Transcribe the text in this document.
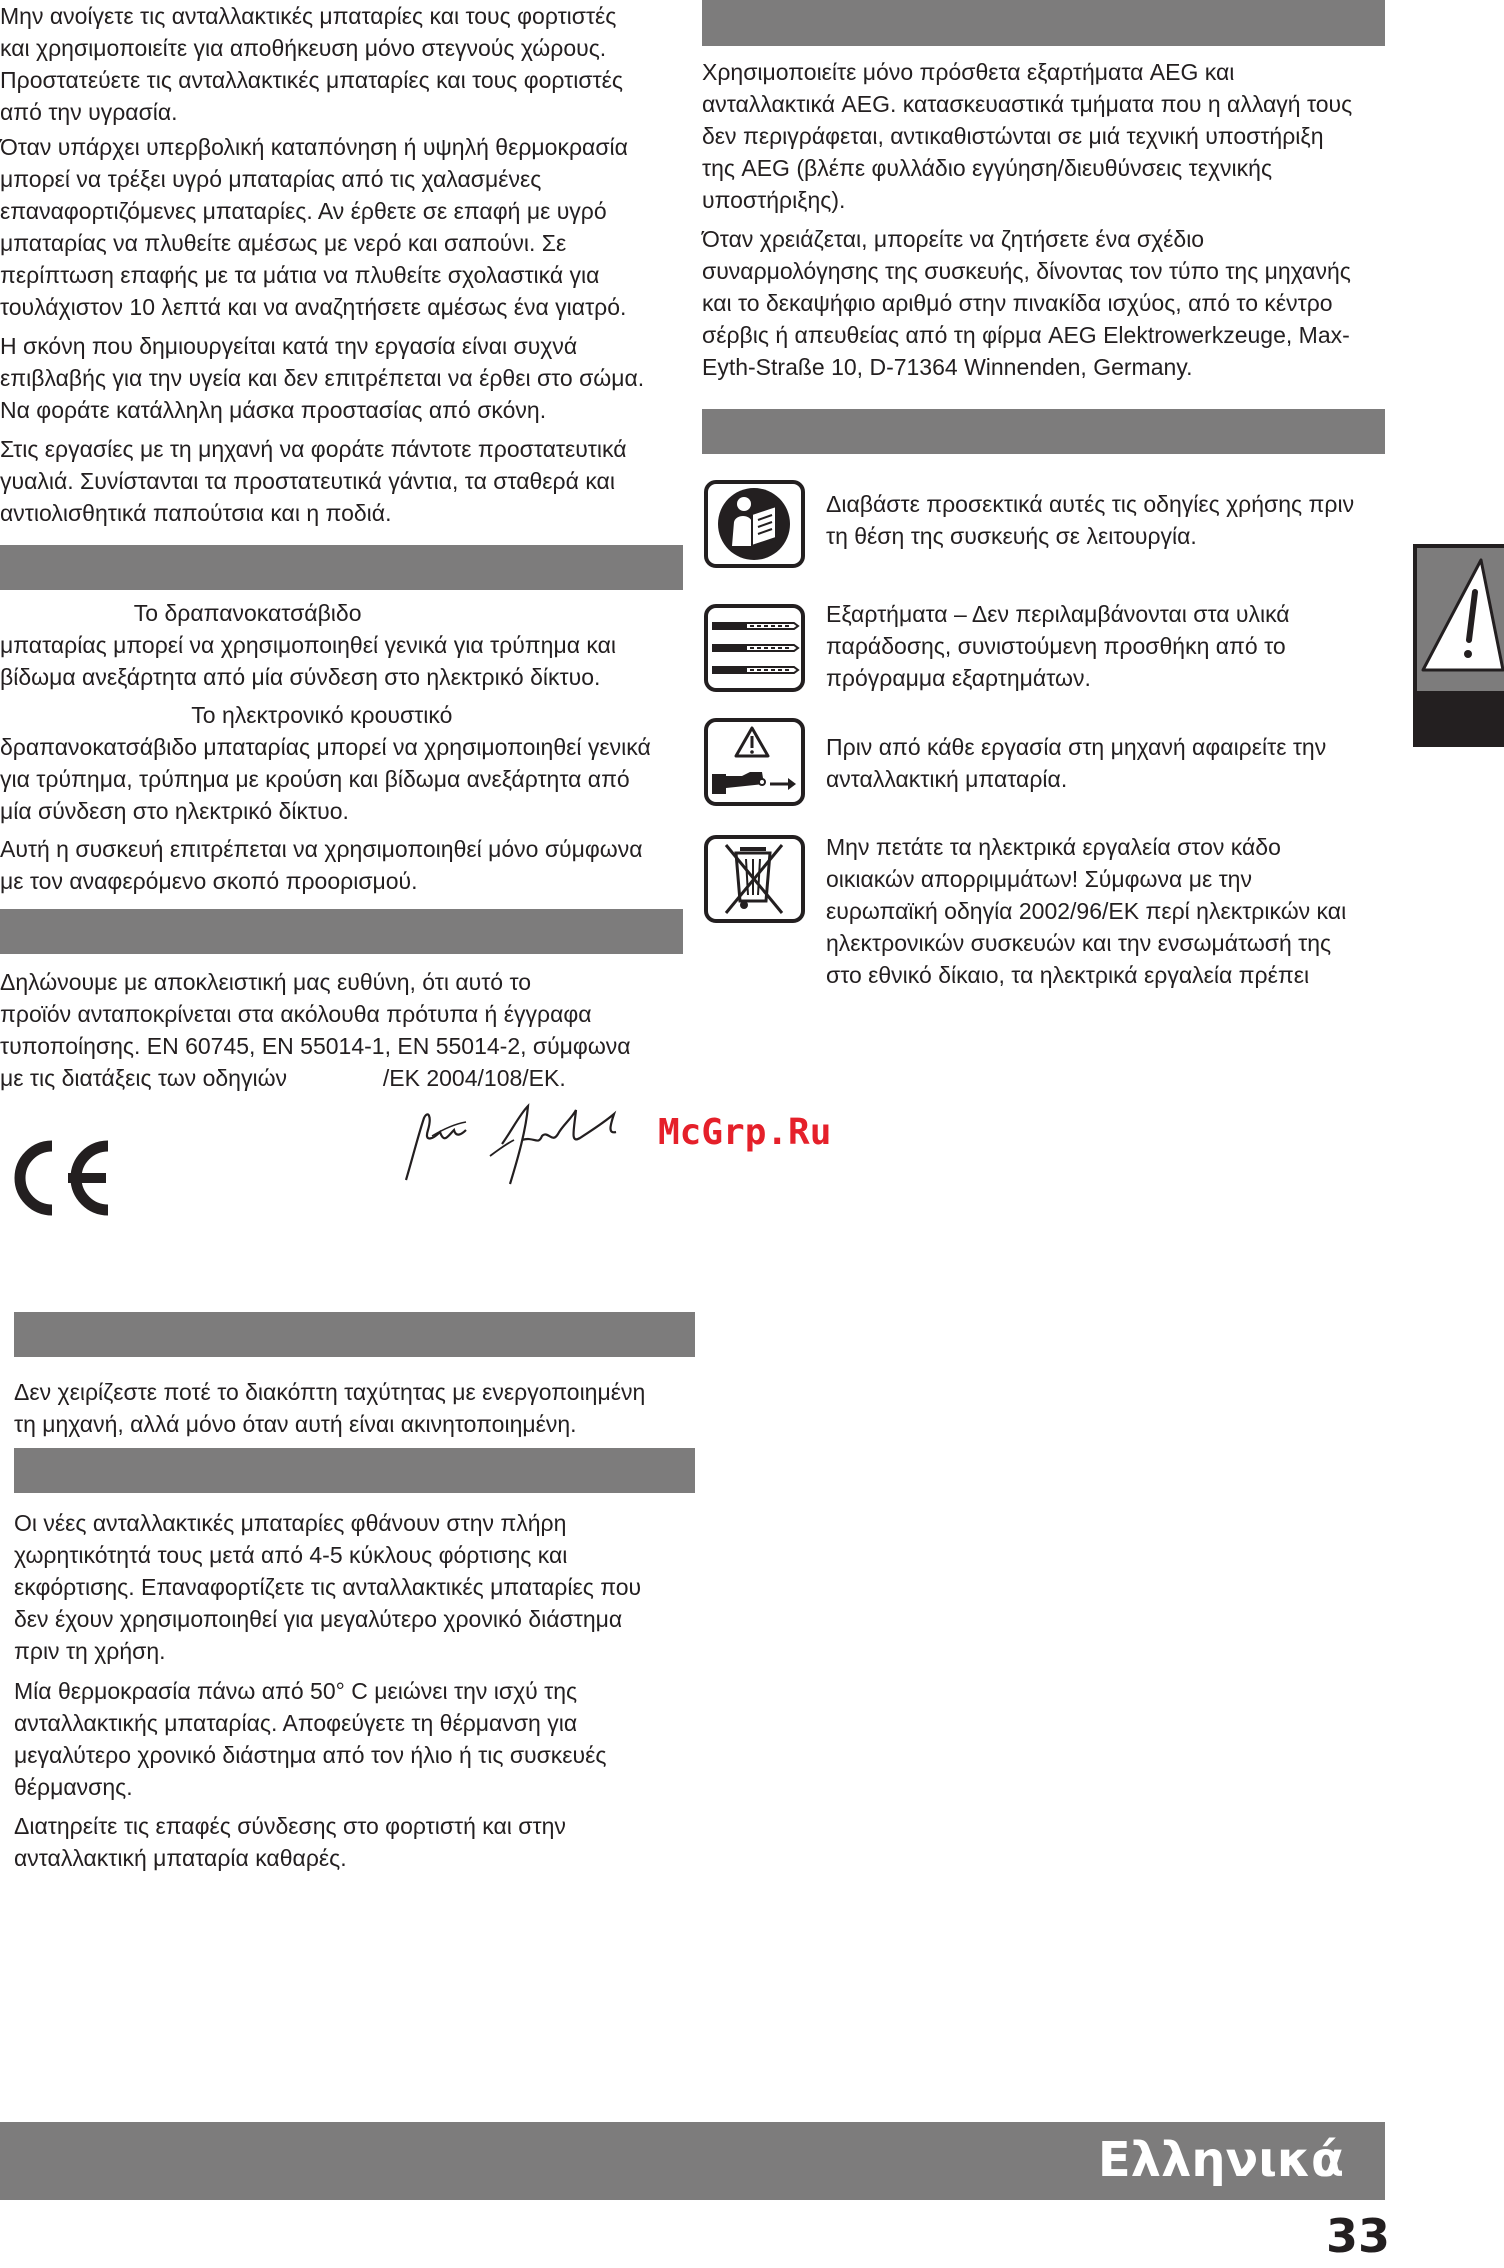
Μην ανοίγετε τις ανταλλακτικές μπαταρίες και τους φορτιστές
και χρησιμοποιείτε για αποθήκευση μόνο στεγνούς χώρους.
Προστατεύετε τις ανταλλακτικές μπαταρίες και τους φορτιστές
από την υγρασία.

Όταν υπάρχει υπερβολική καταπόνηση ή υψηλή θερμοκρασία
μπορεί να τρέξει υγρό μπαταρίας από τις χαλασμένες
επαναφορτιζόμενες μπαταρίες. Αν έρθετε σε επαφή με υγρό
μπαταρίας να πλυθείτε αμέσως με νερό και σαπούνι. Σε
περίπτωση επαφής με τα μάτια να πλυθείτε σχολαστικά για
τουλάχιστον 10 λεπτά και να αναζητήσετε αμέσως ένα γιατρό.

Η σκόνη που δημιουργείται κατά την εργασία είναι συχνά
επιβλαβής για την υγεία και δεν επιτρέπεται να έρθει στο σώμα.
Να φοράτε κατάλληλη μάσκα προστασίας από σκόνη.

Στις εργασίες με τη μηχανή να φοράτε πάντοτε προστατευτικά
γυαλιά. Συνίστανται τα προστατευτικά γάντια, τα σταθερά και
αντιολισθητικά παπούτσια και η ποδιά.

Το δραπανοκατσάβιδο
μπαταρίας μπορεί να χρησιμοποιηθεί γενικά για τρύπημα και
βίδωμα ανεξάρτητα από μία σύνδεση στο ηλεκτρικό δίκτυο.

Το ηλεκτρονικό κρουστικό
δραπανοκατσάβιδο μπαταρίας μπορεί να χρησιμοποιηθεί γενικά
για τρύπημα, τρύπημα με κρούση και βίδωμα ανεξάρτητα από
μία σύνδεση στο ηλεκτρικό δίκτυο.

Αυτή η συσκευή επιτρέπεται να χρησιμοποιηθεί μόνο σύμφωνα
με τον αναφερόμενο σκοπό προορισμού.

Δηλώνουμε με αποκλειστική μας ευθύνη, ότι αυτό το
προϊόν ανταποκρίνεται στα ακόλουθα πρότυπα ή έγγραφα
τυποποίησης. EN 60745, EN 55014-1, EN 55014-2, σύμφωνα
με τις διατάξεις των οδηγιών               /ΕΚ 2004/108/ΕΚ.

McGrp.Ru

Δεν χειρίζεστε ποτέ το διακόπτη ταχύτητας με ενεργοποιημένη
τη μηχανή, αλλά μόνο όταν αυτή είναι ακινητοποιημένη.

Οι νέες ανταλλακτικές μπαταρίες φθάνουν στην πλήρη
χωρητικότητά τους μετά από 4-5 κύκλους φόρτισης και
εκφόρτισης. Επαναφορτίζετε τις ανταλλακτικές μπαταρίες που
δεν έχουν χρησιμοποιηθεί για μεγαλύτερο χρονικό διάστημα
πριν τη χρήση.

Μία θερμοκρασία πάνω από 50° C μειώνει την ισχύ της
ανταλλακτικής μπαταρίας. Αποφεύγετε τη θέρμανση για
μεγαλύτερο χρονικό διάστημα από τον ήλιο ή τις συσκευές
θέρμανσης.

Διατηρείτε τις επαφές σύνδεσης στο φορτιστή και στην
ανταλλακτική μπαταρία καθαρές.

Χρησιμοποιείτε μόνο πρόσθετα εξαρτήματα AEG και
ανταλλακτικά AEG. κατασκευαστικά τμήματα που η αλλαγή τους
δεν περιγράφεται, αντικαθιστώνται σε μιά τεχνική υποστήριξη
της AEG (βλέπε φυλλάδιο εγγύηση/διευθύνσεις τεχνικής
υποστήριξης).

Όταν χρειάζεται, μπορείτε να ζητήσετε ένα σχέδιο
συναρμολόγησης της συσκευής, δίνοντας τον τύπο της μηχανής
και το δεκαψήφιο αριθμό στην πινακίδα ισχύος, από το κέντρο
σέρβις ή απευθείας από τη φίρμα AEG Elektrowerkzeuge, Max-
Eyth-Straße 10, D-71364 Winnenden, Germany.

Διαβάστε προσεκτικά αυτές τις οδηγίες χρήσης πριν
τη θέση της συσκευής σε λειτουργία.

Εξαρτήματα – Δεν περιλαμβάνονται στα υλικά
παράδοσης, συνιστούμενη προσθήκη από το
πρόγραμμα εξαρτημάτων.

Πριν από κάθε εργασία στη μηχανή αφαιρείτε την
ανταλλακτική μπαταρία.

Μην πετάτε τα ηλεκτρικά εργαλεία στον κάδο
οικιακών απορριμμάτων! Σύμφωνα με την
ευρωπαϊκή οδηγία 2002/96/ΕΚ περί ηλεκτρικών και
ηλεκτρονικών συσκευών και την ενσωμάτωσή της
στο εθνικό δίκαιο, τα ηλεκτρικά εργαλεία πρέπει

Ελληνικά
33
